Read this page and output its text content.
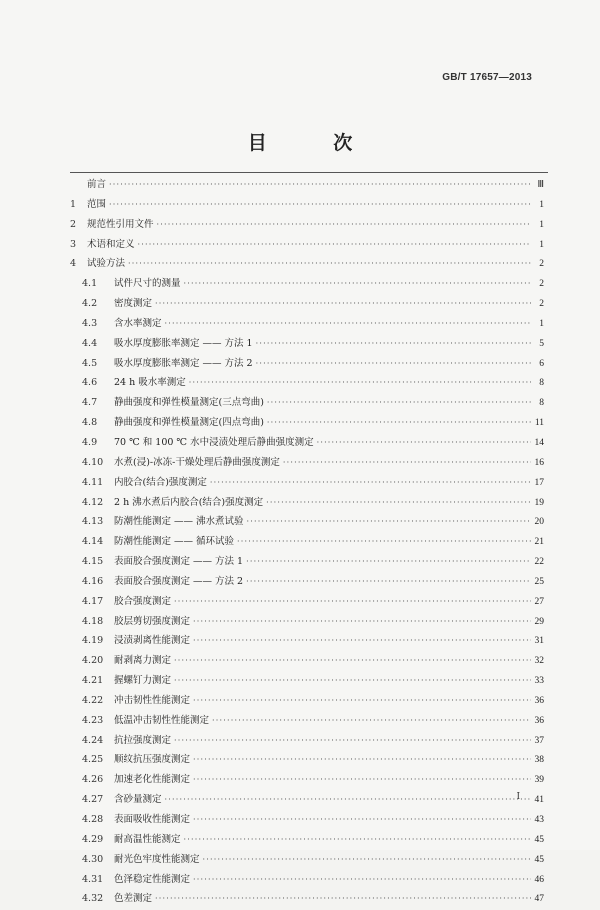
GB/T 17657—2013
目 次
前言 ·····	Ⅲ
1	范围 ·····	1
2	规范性引用文件 ·····	1
3	术语和定义 ·····	1
4	试验方法 ·····	2
4.1	试件尺寸的测量 ·····	2
4.2	密度测定 ·····	2
4.3	含水率测定 ·····	1
4.4	吸水厚度膨胀率测定 —— 方法 1 ·····	5
4.5	吸水厚度膨胀率测定 —— 方法 2 ·····	6
4.6	24 h 吸水率测定 ·····	8
4.7	静曲强度和弹性模量测定(三点弯曲) ·····	8
4.8	静曲强度和弹性模量测定(四点弯曲) ·····	11
4.9	70 ℃ 和 100 ℃ 水中浸渍处理后静曲强度测定 ·····	14
4.10	水煮(浸)-冰冻-干燥处理后静曲强度测定 ·····	16
4.11	内胶合(结合)强度测定 ·····	17
4.12	2 h 沸水煮后内胶合(结合)强度测定 ·····	19
4.13	防潮性能测定 —— 沸水煮试验 ·····	20
4.14	防潮性能测定 —— 循环试验 ·····	21
4.15	表面胶合强度测定 —— 方法 1 ·····	22
4.16	表面胶合强度测定 —— 方法 2 ·····	25
4.17	胶合强度测定 ·····	27
4.18	胶层剪切强度测定 ·····	29
4.19	浸渍剥离性能测定 ·····	31
4.20	耐剥离力测定 ·····	32
4.21	握螺钉力测定 ·····	33
4.22	冲击韧性性能测定 ·····	36
4.23	低温冲击韧性性能测定 ·····	36
4.24	抗拉强度测定 ·····	37
4.25	顺纹抗压强度测定 ·····	38
4.26	加速老化性能测定 ·····	39
4.27	含砂量测定 ·····	41
4.28	表面吸收性能测定 ·····	43
4.29	耐高温性能测定 ·····	45
4.30	耐光色牢度性能测定 ·····	45
4.31	色泽稳定性能测定 ·····	46
4.32	色差测定 ·····	47
I
